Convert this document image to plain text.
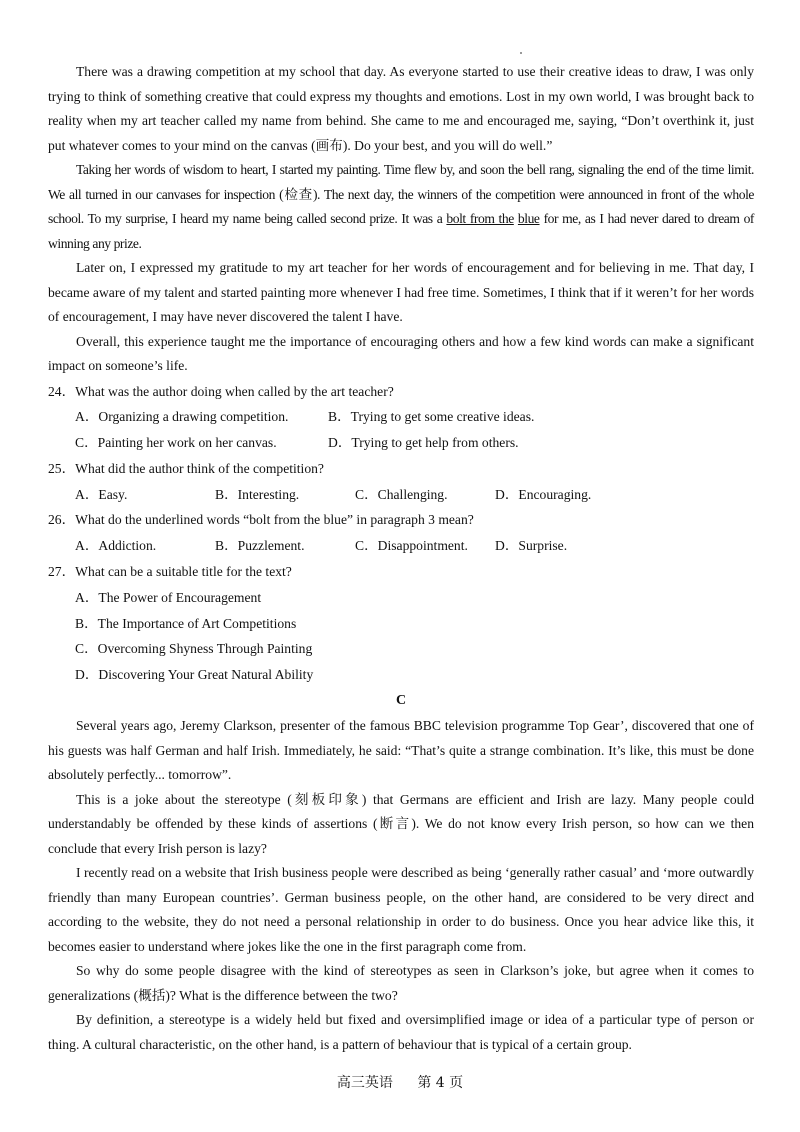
There was a drawing competition at my school that day. As everyone started to use their creative ideas to draw, I was only trying to think of something creative that could express my thoughts and emotions. Lost in my own world, I was brought back to reality when my art teacher called my name from behind. She came to me and encouraged me, saying, “Don’t overthink it, just put whatever comes to your mind on the canvas (画布). Do your best, and you will do well.”

Taking her words of wisdom to heart, I started my painting. Time flew by, and soon the bell rang, signaling the end of the time limit. We all turned in our canvases for inspection (检查). The next day, the winners of the competition were announced in front of the whole school. To my surprise, I heard my name being called second prize. It was a bolt from the blue for me, as I had never dared to dream of winning any prize.

Later on, I expressed my gratitude to my art teacher for her words of encouragement and for believing in me. That day, I became aware of my talent and started painting more whenever I had free time. Sometimes, I think that if it weren’t for her words of encouragement, I may have never discovered the talent I have.

Overall, this experience taught me the importance of encouraging others and how a few kind words can make a significant impact on someone’s life.

24．What was the author doing when called by the art teacher?

A．Organizing a drawing competition.	B．Trying to get some creative ideas.
C．Painting her work on her canvas.	D．Trying to get help from others.

25．What did the author think of the competition?

A．Easy.	B．Interesting.	C．Challenging.	D．Encouraging.

26．What do the underlined words “bolt from the blue” in paragraph 3 mean?

A．Addiction.	B．Puzzlement.	C．Disappointment.	D．Surprise.

27．What can be a suitable title for the text?

A．The Power of Encouragement
B．The Importance of Art Competitions
C．Overcoming Shyness Through Painting
D．Discovering Your Great Natural Ability

C

Several years ago, Jeremy Clarkson, presenter of the famous BBC television programme Top Gear’, discovered that one of his guests was half German and half Irish. Immediately, he said: “That’s quite a strange combination. It’s like, this must be done absolutely perfectly... tomorrow”.

This is a joke about the stereotype (刻板印象) that Germans are efficient and Irish are lazy. Many people could understandably be offended by these kinds of assertions (断言). We do not know every Irish person, so how can we then conclude that every Irish person is lazy?

I recently read on a website that Irish business people were described as being ‘generally rather casual’ and ‘more outwardly friendly than many European countries’. German business people, on the other hand, are considered to be very direct and according to the website, they do not need a personal relationship in order to do business. Once you hear advice like this, it becomes easier to understand where jokes like the one in the first paragraph come from.

So why do some people disagree with the kind of stereotypes as seen in Clarkson’s joke, but agree when it comes to generalizations (概括)? What is the difference between the two?

By definition, a stereotype is a widely held but fixed and oversimplified image or idea of a particular type of person or thing. A cultural characteristic, on the other hand, is a pattern of behaviour that is typical of a certain group.

高三英语 第 4 页
